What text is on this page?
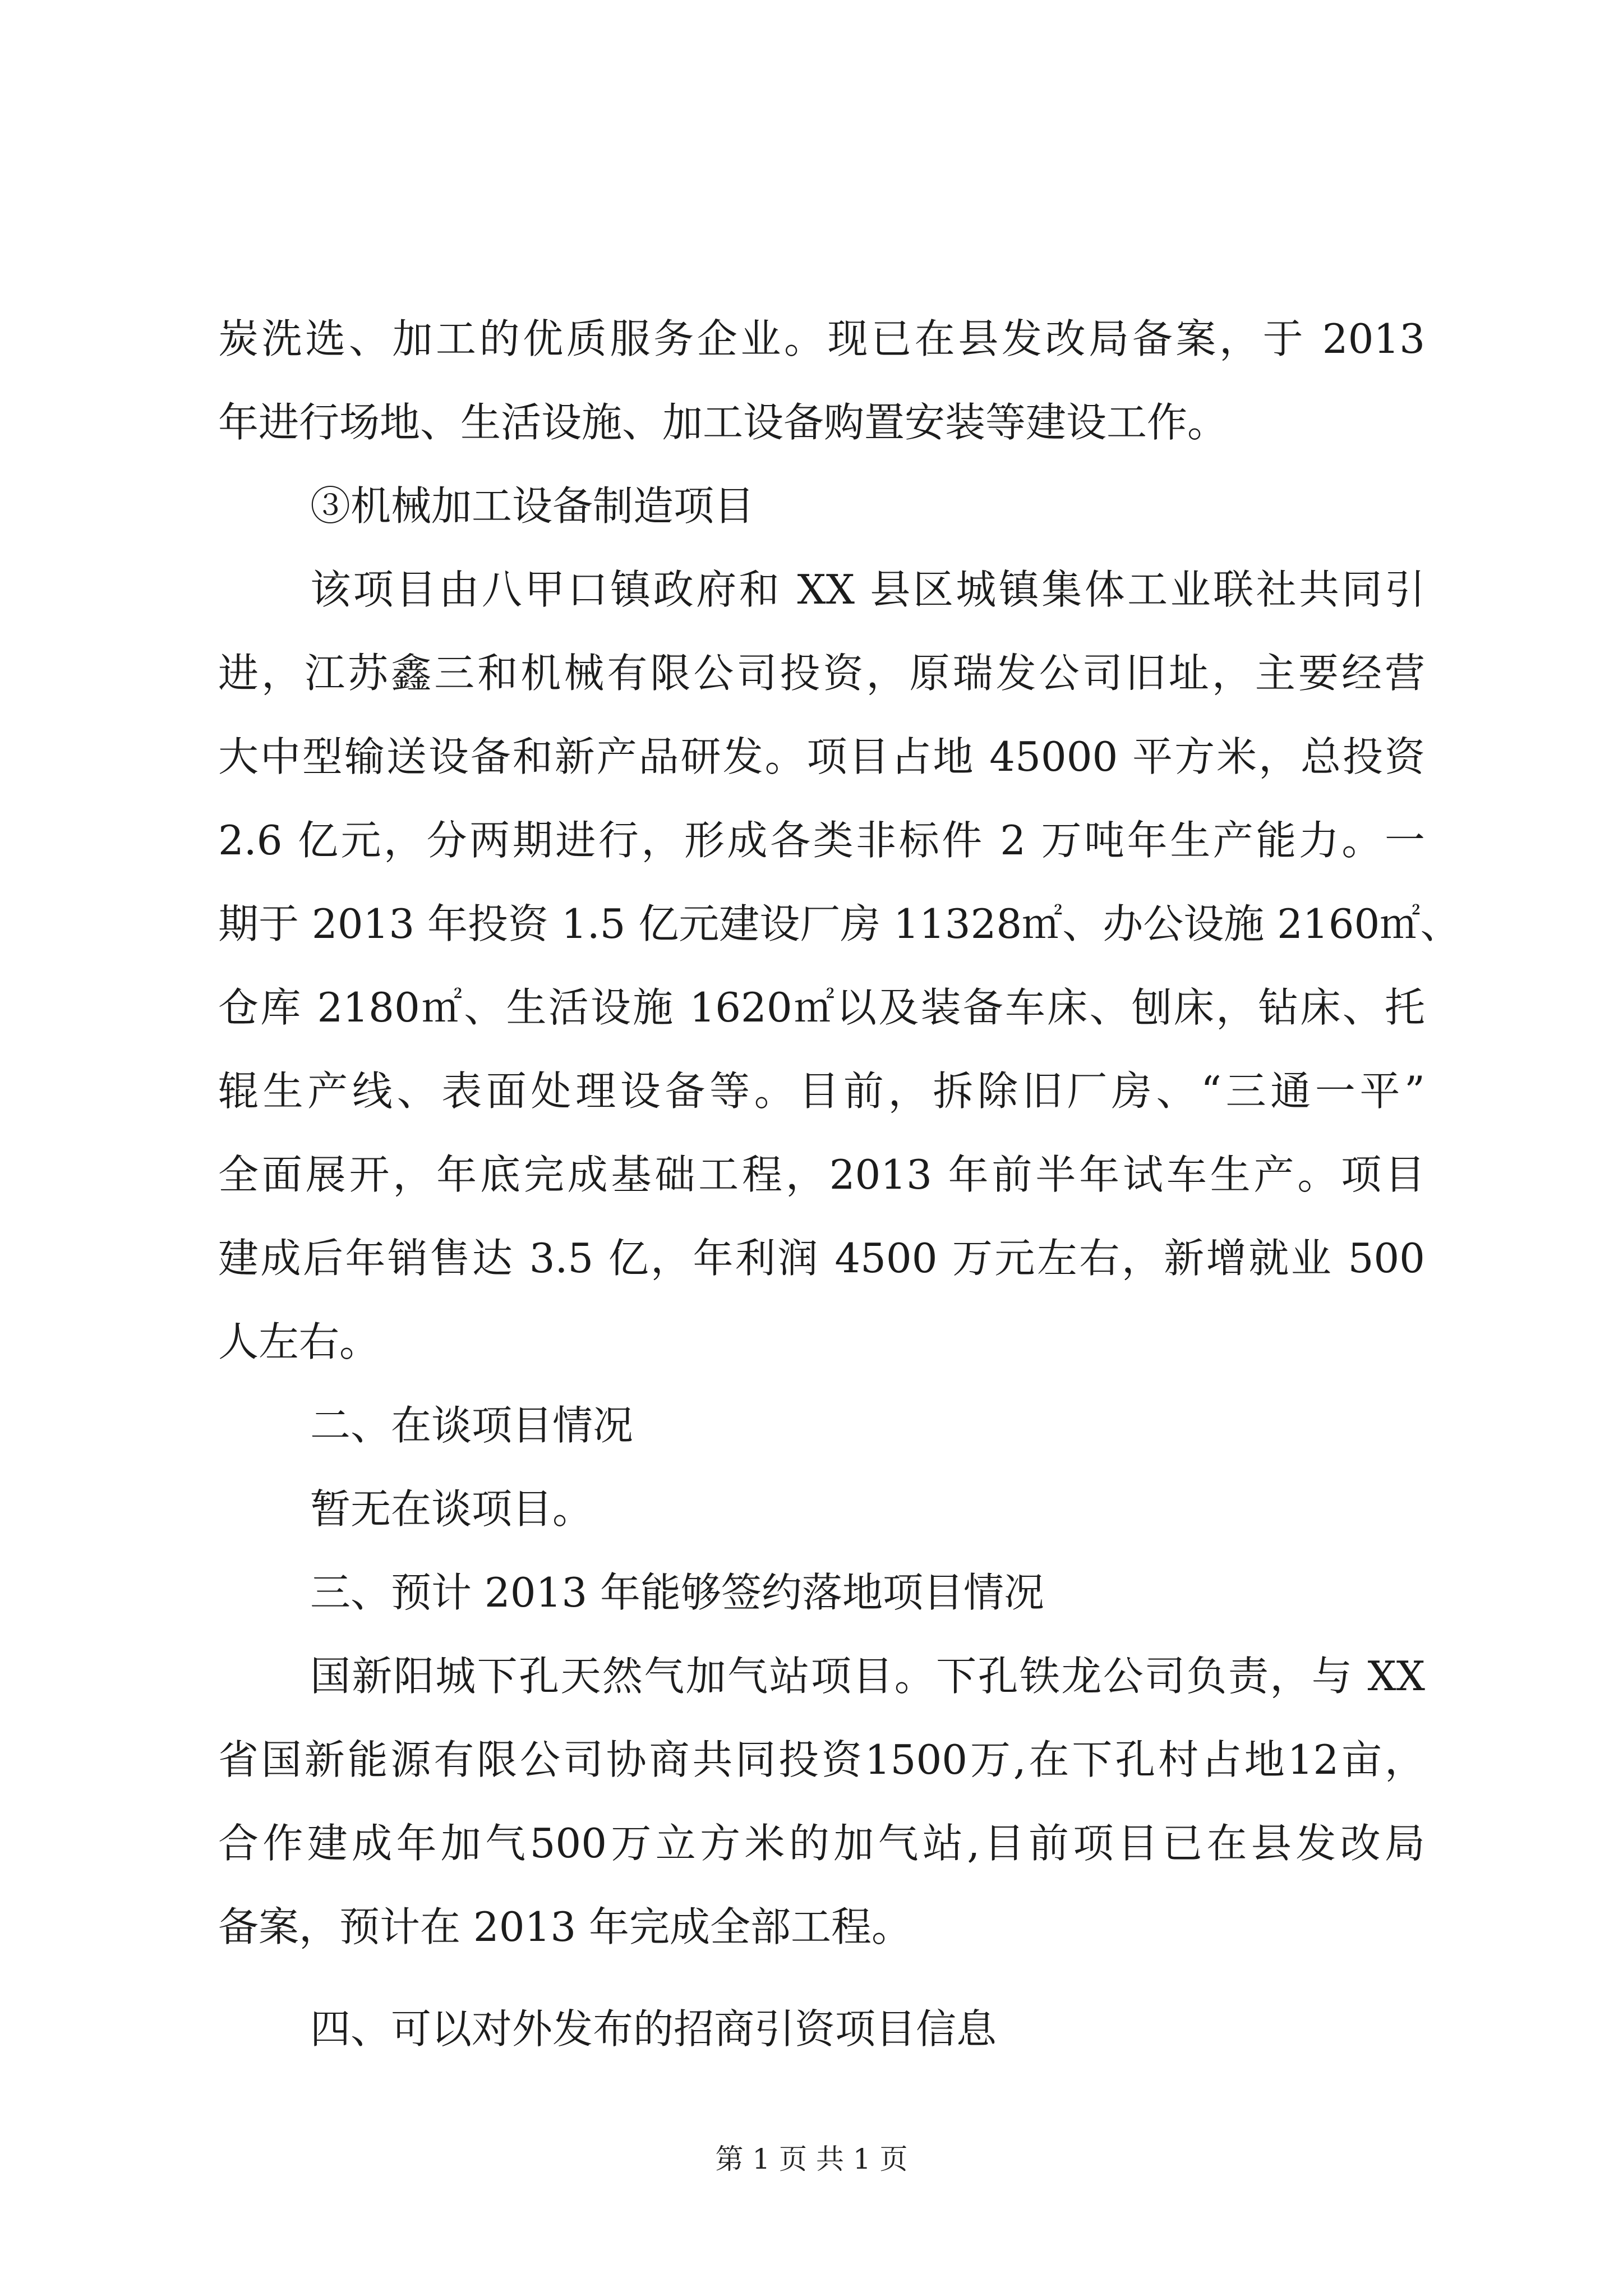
炭洗选、加工的优质服务企业。现已在县发改局备案，于 2013
年进行场地、生活设施、加工设备购置安装等建设工作。
③机械加工设备制造项目
该项目由八甲口镇政府和 XX 县区城镇集体工业联社共同引
进，江苏鑫三和机械有限公司投资，原瑞发公司旧址，主要经营
大中型输送设备和新产品研发。项目占地 45000 平方米，总投资
2.6 亿元，分两期进行，形成各类非标件 2 万吨年生产能力。一
期于 2013 年投资 1.5 亿元建设厂房 11328㎡、办公设施 2160㎡、
仓库 2180㎡、生活设施 1620㎡以及装备车床、刨床，钻床、托
辊生产线、表面处理设备等。目前，拆除旧厂房、“三通一平”
全面展开，年底完成基础工程，2013 年前半年试车生产。项目
建成后年销售达 3.5 亿，年利润 4500 万元左右，新增就业 500
人左右。
二、在谈项目情况
暂无在谈项目。
三、预计 2013 年能够签约落地项目情况
国新阳城下孔天然气加气站项目。下孔铁龙公司负责，与 XX
省国新能源有限公司协商共同投资1500万,在下孔村占地12亩，
合作建成年加气500万立方米的加气站,目前项目已在县发改局
备案，预计在 2013 年完成全部工程。
四、可以对外发布的招商引资项目信息
第 1 页 共 1 页
